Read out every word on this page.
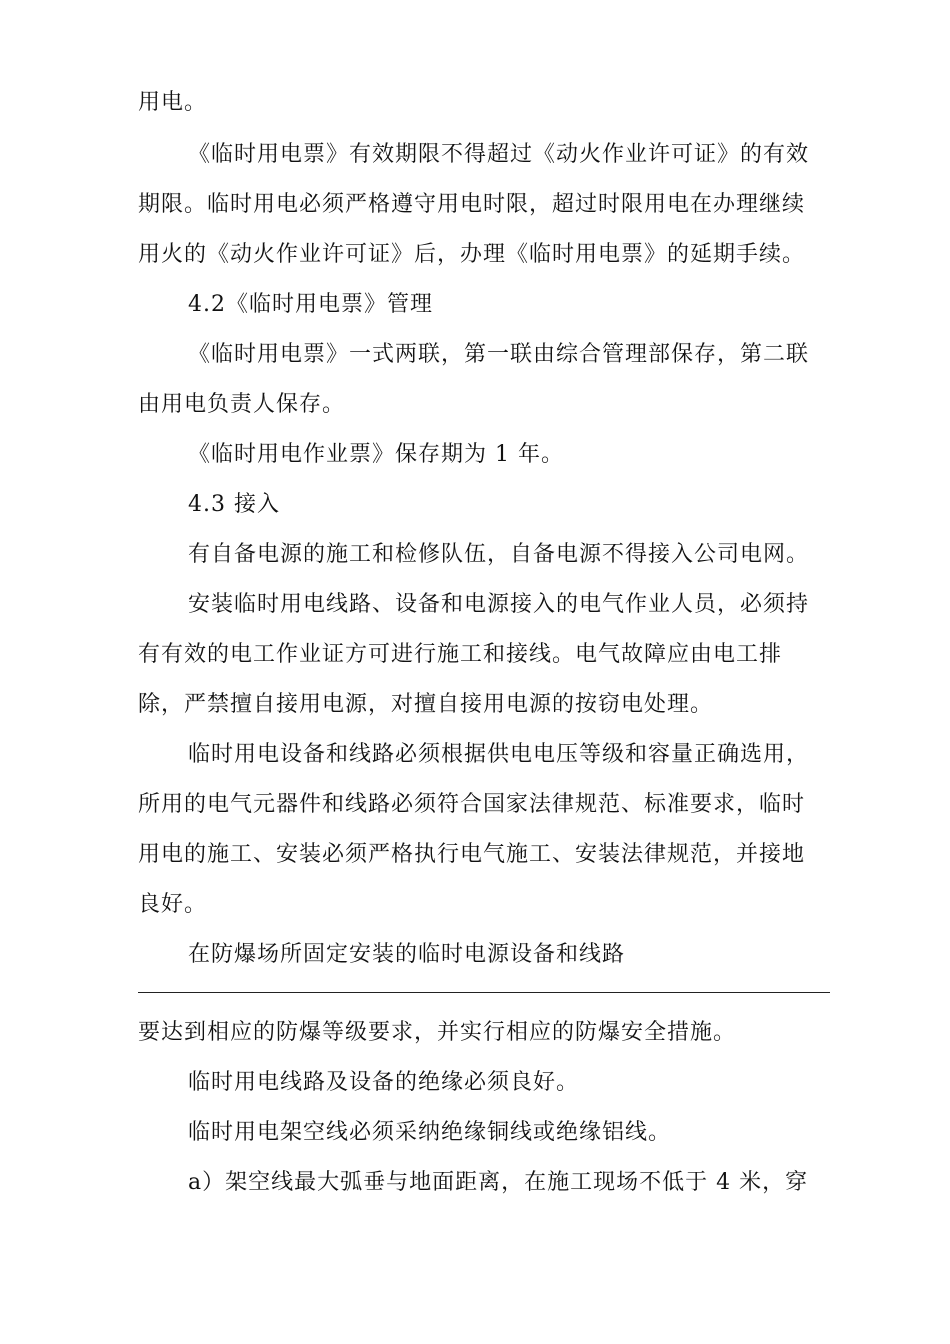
用电。
《临时用电票》有效期限不得超过《动火作业许可证》的有效
期限。临时用电必须严格遵守用电时限，超过时限用电在办理继续
用火的《动火作业许可证》后，办理《临时用电票》的延期手续。
4.2《临时用电票》管理
《临时用电票》一式两联，第一联由综合管理部保存，第二联
由用电负责人保存。
《临时用电作业票》保存期为 1 年。
4.3 接入
有自备电源的施工和检修队伍，自备电源不得接入公司电网。
安装临时用电线路、设备和电源接入的电气作业人员，必须持
有有效的电工作业证方可进行施工和接线。电气故障应由电工排
除，严禁擅自接用电源，对擅自接用电源的按窃电处理。
临时用电设备和线路必须根据供电电压等级和容量正确选用，
所用的电气元器件和线路必须符合国家法律规范、标准要求，临时
用电的施工、安装必须严格执行电气施工、安装法律规范，并接地
良好。
在防爆场所固定安装的临时电源设备和线路
要达到相应的防爆等级要求，并实行相应的防爆安全措施。
临时用电线路及设备的绝缘必须良好。
临时用电架空线必须采纳绝缘铜线或绝缘铝线。
a）架空线最大弧垂与地面距离，在施工现场不低于 4 米，穿
